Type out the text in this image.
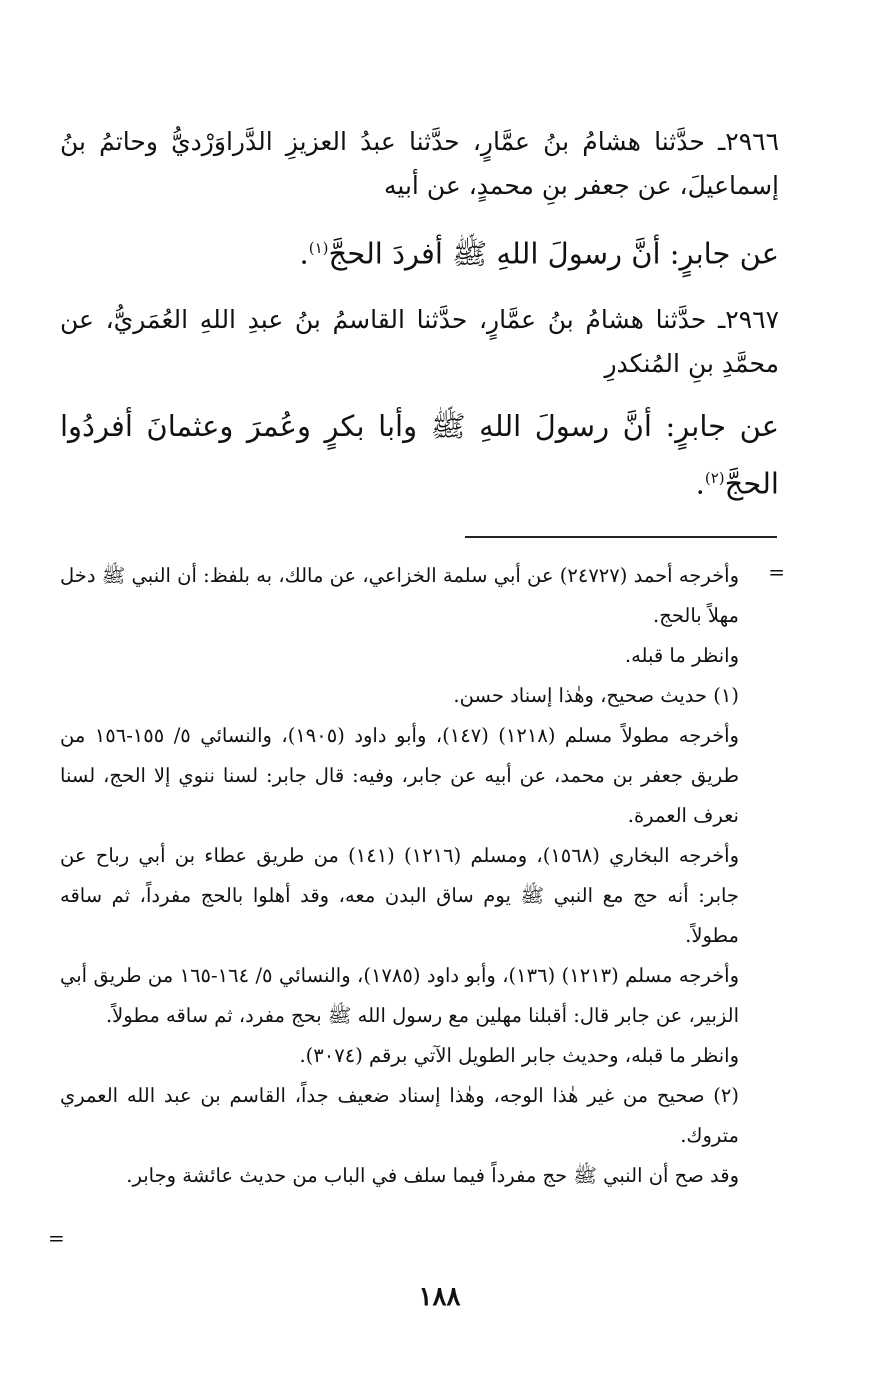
٢٩٦٦ـ حدَّثنا هشامُ بنُ عمَّارٍ، حدَّثنا عبدُ العزيزِ الدَّراوَرْديُّ وحاتمُ بنُ إسماعيلَ، عن جعفر بنِ محمدٍ، عن أبيه

عن جابرٍ: أنَّ رسولَ اللهِ ﷺ أفردَ الحجَّ$^{(١)}$.

٢٩٦٧ـ حدَّثنا هشامُ بنُ عمَّارٍ، حدَّثنا القاسمُ بنُ عبدِ اللهِ العُمَريُّ، عن محمَّدِ بنِ المُنكدرِ

عن جابرٍ: أنَّ رسولَ اللهِ ﷺ وأبا بكرٍ وعُمرَ وعثمانَ أفردُوا الحجَّ$^{(٢)}$.

=

وأخرجه أحمد (٢٤٧٢٧) عن أبي سلمة الخزاعي، عن مالك، به بلفظ: أن النبي ﷺ دخل مهلاً بالحج.

وانظر ما قبله.

(١) حديث صحيح، وهٰذا إسناد حسن.

وأخرجه مطولاً مسلم (١٢١٨) (١٤٧)، وأبو داود (١٩٠٥)، والنسائي ٥/ ١٥٥-١٥٦ من طريق جعفر بن محمد، عن أبيه عن جابر، وفيه: قال جابر: لسنا ننوي إلا الحج، لسنا نعرف العمرة.

وأخرجه البخاري (١٥٦٨)، ومسلم (١٢١٦) (١٤١) من طريق عطاء بن أبي رباح عن جابر: أنه حج مع النبي ﷺ يوم ساق البدن معه، وقد أهلوا بالحج مفرداً، ثم ساقه مطولاً.

وأخرجه مسلم (١٢١٣) (١٣٦)، وأبو داود (١٧٨٥)، والنسائي ٥/ ١٦٤-١٦٥ من طريق أبي الزبير، عن جابر قال: أقبلنا مهلين مع رسول الله ﷺ بحج مفرد، ثم ساقه مطولاً.

وانظر ما قبله، وحديث جابر الطويل الآتي برقم (٣٠٧٤).

(٢) صحيح من غير هٰذا الوجه، وهٰذا إسناد ضعيف جداً، القاسم بن عبد الله العمري متروك.

وقد صح أن النبي ﷺ حج مفرداً فيما سلف في الباب من حديث عائشة وجابر.

=
١٨٨
